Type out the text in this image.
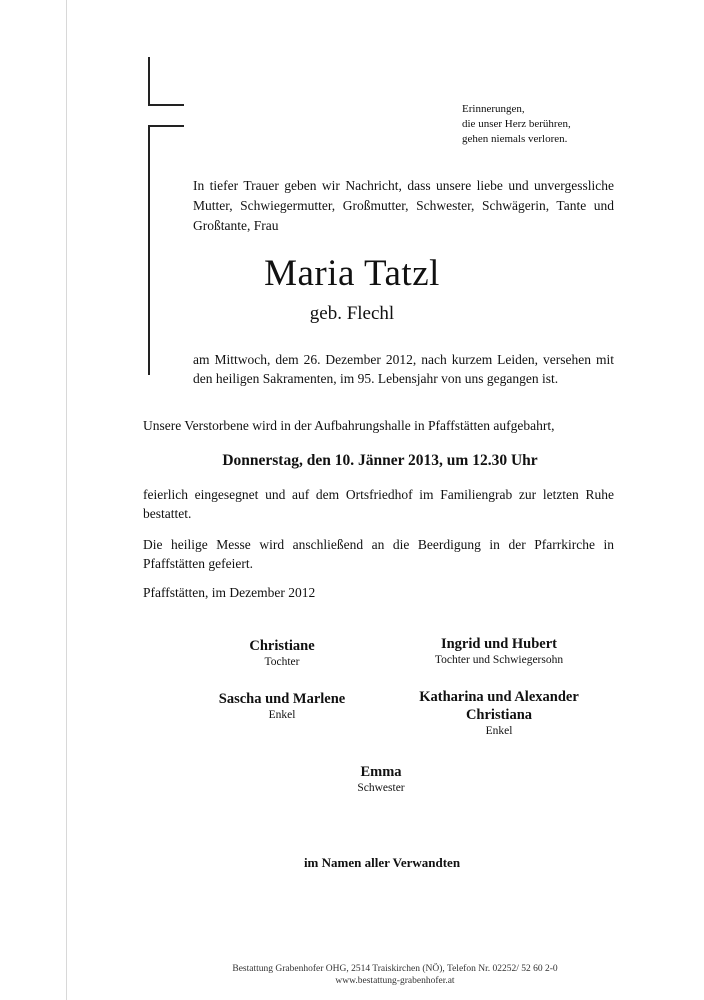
Erinnerungen,
die unser Herz berühren,
gehen niemals verloren.
In tiefer Trauer geben wir Nachricht, dass unsere liebe und unvergessliche Mutter, Schwiegermutter, Großmutter, Schwester, Schwägerin, Tante und Großtante, Frau
Maria Tatzl
geb. Flechl
am Mittwoch, dem 26. Dezember 2012, nach kurzem Leiden, versehen mit den heiligen Sakramenten, im 95. Lebensjahr von uns gegangen ist.
Unsere Verstorbene wird in der Aufbahrungshalle in Pfaffstätten aufgebahrt,
Donnerstag, den 10. Jänner 2013, um 12.30 Uhr
feierlich eingesegnet und auf dem Ortsfriedhof im Familiengrab zur letzten Ruhe bestattet.
Die heilige Messe wird anschließend an die Beerdigung in der Pfarrkirche in Pfaffstätten gefeiert.
Pfaffstätten, im Dezember 2012
Christiane
Tochter
Ingrid und Hubert
Tochter und Schwiegersohn
Sascha und Marlene
Enkel
Katharina und Alexander
Christiana
Enkel
Emma
Schwester
im Namen aller Verwandten
Bestattung Grabenhofer OHG, 2514 Traiskirchen (NÖ), Telefon Nr. 02252/ 52 60 2-0
www.bestattung-grabenhofer.at
